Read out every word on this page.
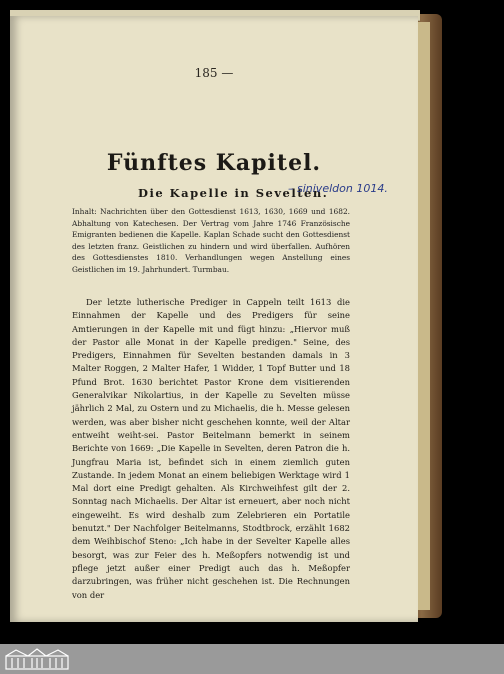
185 —
Fünftes Kapitel.
Die Kapelle in Sevelten.
– siniveldon 1014.
Inhalt: Nachrichten über den Gottesdienst 1613, 1630, 1669 und 1682. Abhaltung von Katechesen. Der Vertrag vom Jahre 1746 Französische Emigranten bedienen die Kapelle. Kaplan Schade sucht den Gottesdienst des letzten franz. Geistlichen zu hindern und wird überfallen. Aufhören des Gottesdienstes 1810. Verhandlungen wegen Anstellung eines Geistlichen im 19. Jahrhundert. Turmbau.

Der letzte lutherische Prediger in Cappeln teilt 1613 die Einnahmen der Kapelle und des Predigers für seine Amtierungen in der Kapelle mit und fügt hinzu: „Hiervor muß der Pastor alle Monat in der Kapelle predigen." Seine, des Predigers, Einnahmen für Sevelten bestanden damals in 3 Malter Roggen, 2 Malter Hafer, 1 Widder, 1 Topf Butter und 18 Pfund Brot. 1630 berichtet Pastor Krone dem visitierenden Generalvikar Nikolartius, in der Kapelle zu Sevelten müsse jährlich 2 Mal, zu Ostern und zu Michaelis, die h. Messe gelesen werden, was aber bisher nicht geschehen konnte, weil der Altar entweiht weiht-sei. Pastor Beitelmann bemerkt in seinem Berichte von 1669: „Die Kapelle in Sevelten, deren Patron die h. Jungfrau Maria ist, befindet sich in einem ziemlich guten Zustande. In jedem Monat an einem beliebigen Werktage wird 1 Mal dort eine Predigt gehalten. Als Kirchweihfest gilt der 2. Sonntag nach Michaelis. Der Altar ist erneuert, aber noch nicht eingeweiht. Es wird deshalb zum Zelebrieren ein Portatile benutzt." Der Nachfolger Beitelmanns, Stodtbrock, erzählt 1682 dem Weihbischof Steno: „Ich habe in der Sevelter Kapelle alles besorgt, was zur Feier des h. Meßopfers notwendig ist und pflege jetzt außer einer Predigt auch das h. Meßopfer darzubringen, was früher nicht geschehen ist. Die Rechnungen von der
